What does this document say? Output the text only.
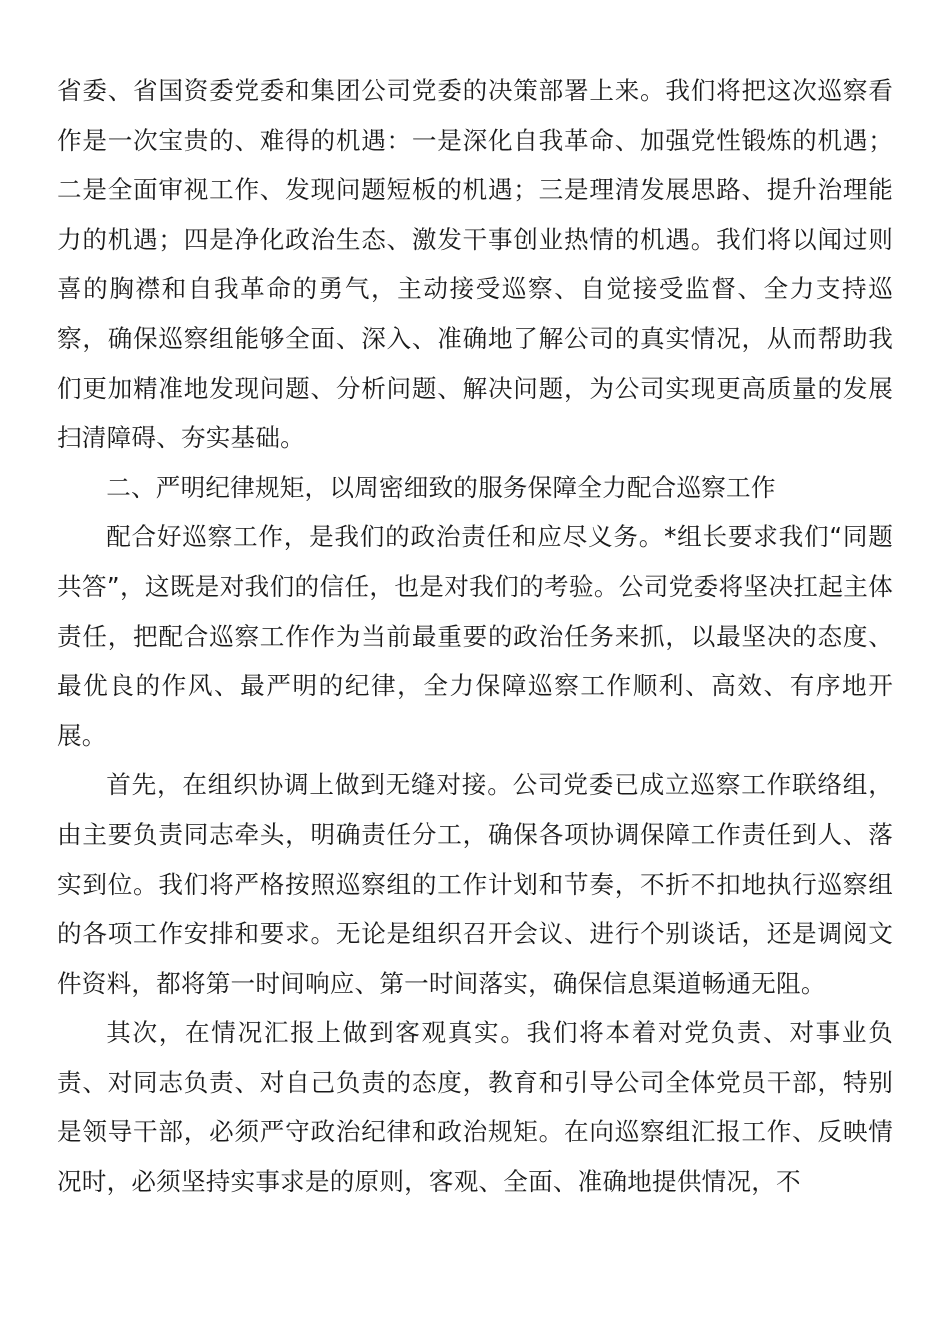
省委、省国资委党委和集团公司党委的决策部署上来。我们将把这次巡察看作是一次宝贵的、难得的机遇：一是深化自我革命、加强党性锻炼的机遇；二是全面审视工作、发现问题短板的机遇；三是理清发展思路、提升治理能力的机遇；四是净化政治生态、激发干事创业热情的机遇。我们将以闻过则喜的胸襟和自我革命的勇气，主动接受巡察、自觉接受监督、全力支持巡察，确保巡察组能够全面、深入、准确地了解公司的真实情况，从而帮助我们更加精准地发现问题、分析问题、解决问题，为公司实现更高质量的发展扫清障碍、夯实基础。

二、严明纪律规矩，以周密细致的服务保障全力配合巡察工作

配合好巡察工作，是我们的政治责任和应尽义务。*组长要求我们“同题共答”，这既是对我们的信任，也是对我们的考验。公司党委将坚决扛起主体责任，把配合巡察工作作为当前最重要的政治任务来抓，以最坚决的态度、最优良的作风、最严明的纪律，全力保障巡察工作顺利、高效、有序地开展。

首先，在组织协调上做到无缝对接。公司党委已成立巡察工作联络组，由主要负责同志牵头，明确责任分工，确保各项协调保障工作责任到人、落实到位。我们将严格按照巡察组的工作计划和节奏，不折不扣地执行巡察组的各项工作安排和要求。无论是组织召开会议、进行个别谈话，还是调阅文件资料，都将第一时间响应、第一时间落实，确保信息渠道畅通无阻。

其次，在情况汇报上做到客观真实。我们将本着对党负责、对事业负责、对同志负责、对自己负责的态度，教育和引导公司全体党员干部，特别是领导干部，必须严守政治纪律和政治规矩。在向巡察组汇报工作、反映情况时，必须坚持实事求是的原则，客观、全面、准确地提供情况，不
